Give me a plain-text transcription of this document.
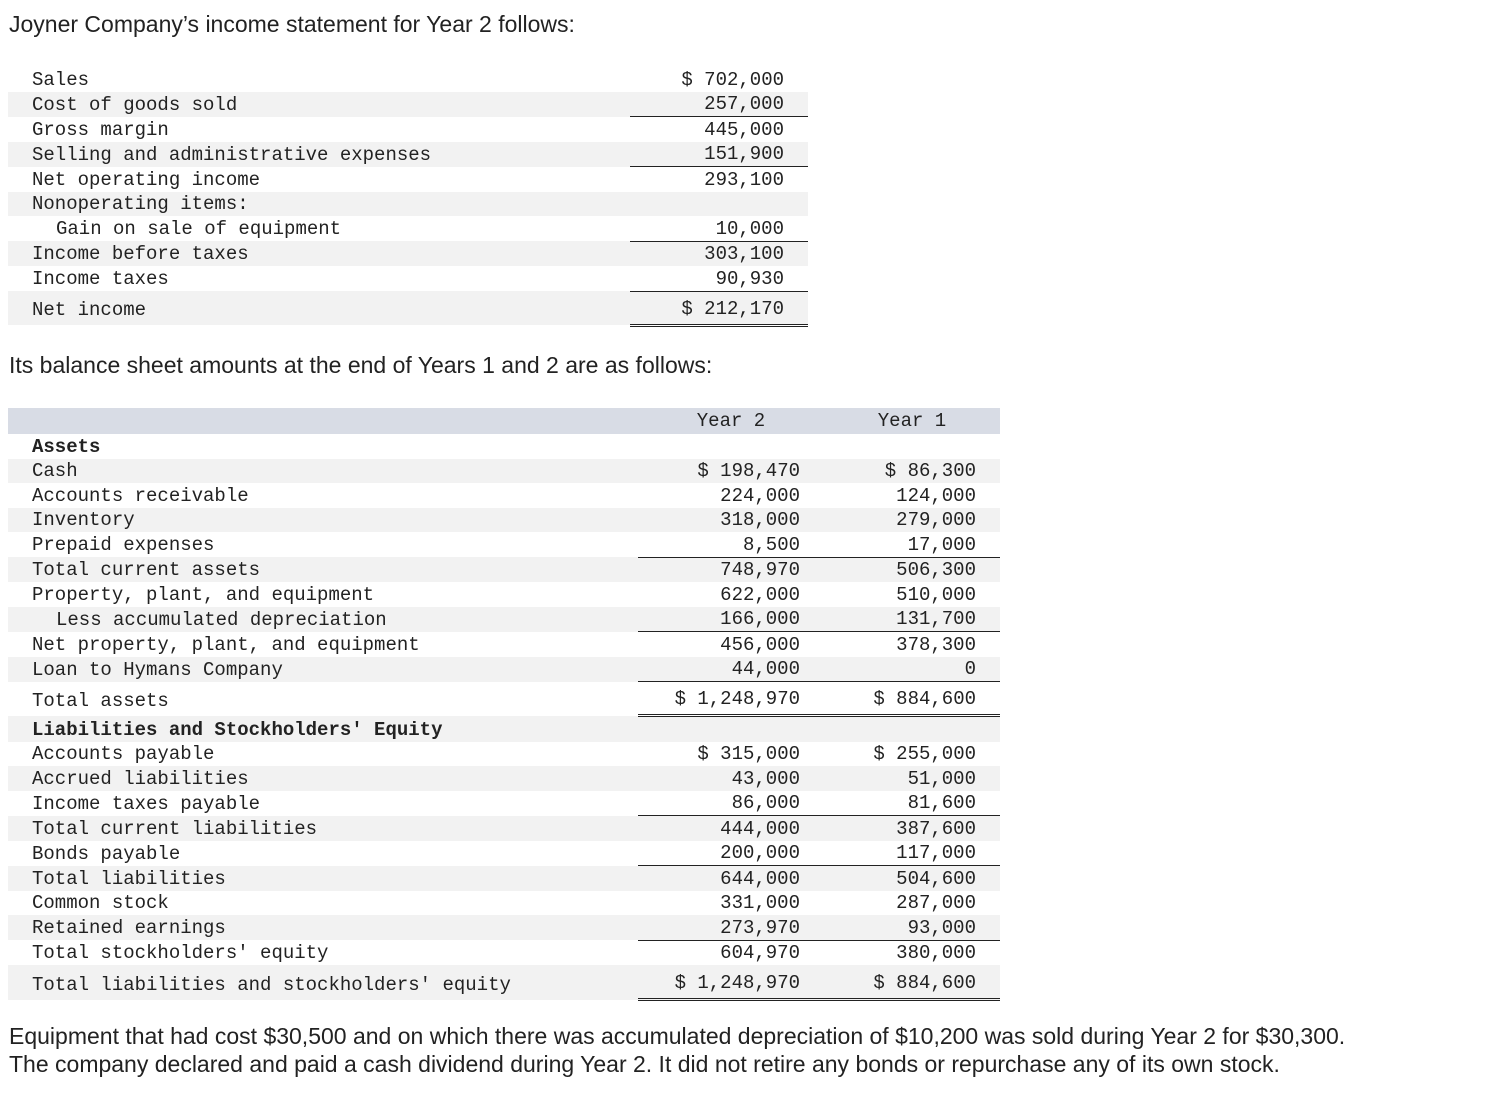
Joyner Company’s income statement for Year 2 follows:

Sales	$ 702,000
Cost of goods sold	257,000
Gross margin	445,000
Selling and administrative expenses	151,900
Net operating income	293,100
Nonoperating items:	
Gain on sale of equipment	10,000
Income before taxes	303,100
Income taxes	90,930
Net income	$ 212,170

Its balance sheet amounts at the end of Years 1 and 2 are as follows:

	Year 2	Year 1
Assets		
Cash	$ 198,470	$ 86,300
Accounts receivable	224,000	124,000
Inventory	318,000	279,000
Prepaid expenses	8,500	17,000
Total current assets	748,970	506,300
Property, plant, and equipment	622,000	510,000
Less accumulated depreciation	166,000	131,700
Net property, plant, and equipment	456,000	378,300
Loan to Hymans Company	44,000	0
Total assets	$ 1,248,970	$ 884,600
Liabilities and Stockholders' Equity		
Accounts payable	$ 315,000	$ 255,000
Accrued liabilities	43,000	51,000
Income taxes payable	86,000	81,600
Total current liabilities	444,000	387,600
Bonds payable	200,000	117,000
Total liabilities	644,000	504,600
Common stock	331,000	287,000
Retained earnings	273,970	93,000
Total stockholders' equity	604,970	380,000
Total liabilities and stockholders' equity	$ 1,248,970	$ 884,600
Equipment that had cost $30,500 and on which there was accumulated depreciation of $10,200 was sold during Year 2 for $30,300.
The company declared and paid a cash dividend during Year 2. It did not retire any bonds or repurchase any of its own stock.
